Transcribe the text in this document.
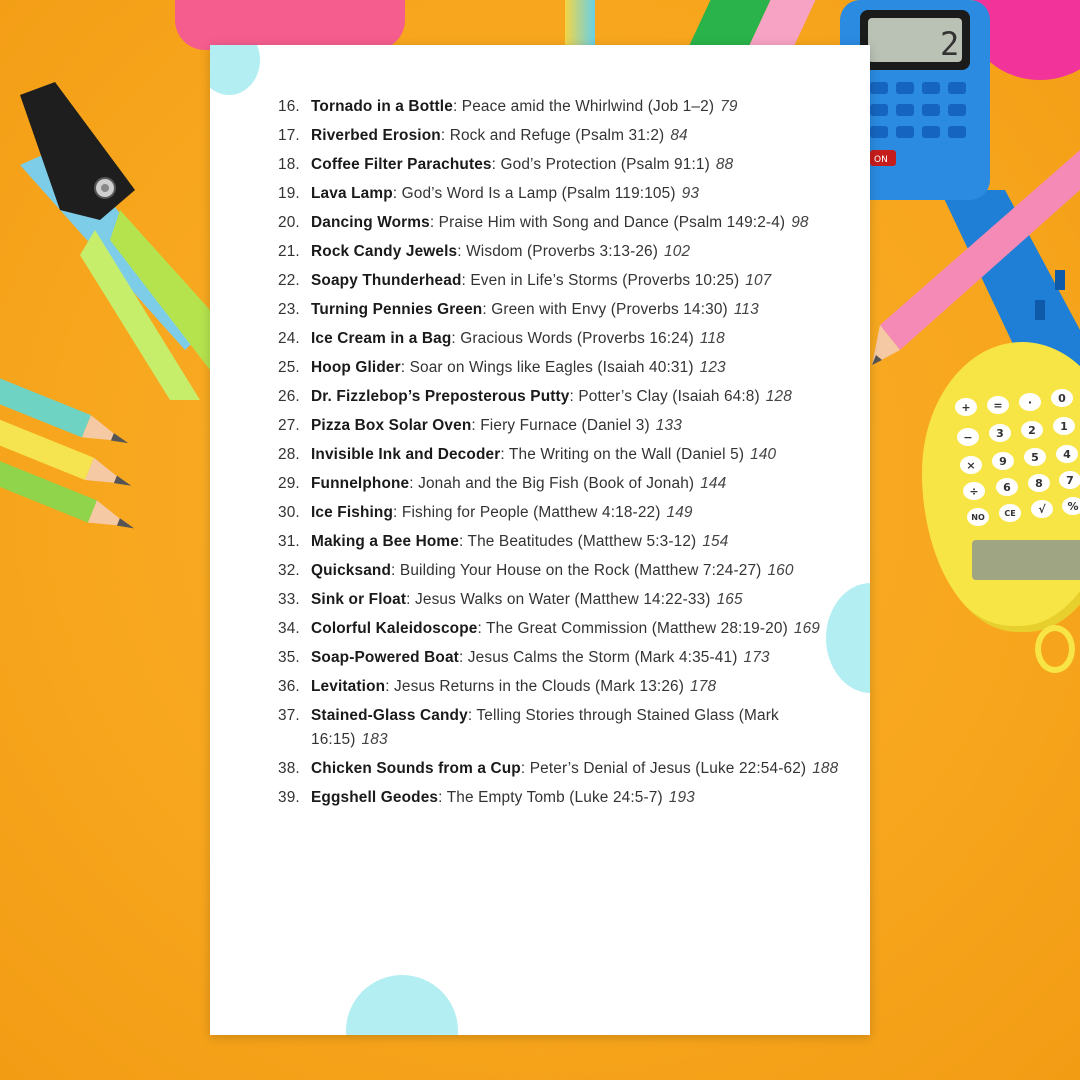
2
ON
+ = · 0
− 3 2 1
× 9 5 4
÷ 6 8 7
NO CE √ %
16. Tornado in a Bottle: Peace amid the Whirlwind (Job 1–2) 79
17. Riverbed Erosion: Rock and Refuge (Psalm 31:2) 84
18. Coffee Filter Parachutes: God’s Protection (Psalm 91:1) 88
19. Lava Lamp: God’s Word Is a Lamp (Psalm 119:105) 93
20. Dancing Worms: Praise Him with Song and Dance (Psalm 149:2-4) 98
21. Rock Candy Jewels: Wisdom (Proverbs 3:13-26) 102
22. Soapy Thunderhead: Even in Life’s Storms (Proverbs 10:25) 107
23. Turning Pennies Green: Green with Envy (Proverbs 14:30) 113
24. Ice Cream in a Bag: Gracious Words (Proverbs 16:24) 118
25. Hoop Glider: Soar on Wings like Eagles (Isaiah 40:31) 123
26. Dr. Fizzlebop’s Preposterous Putty: Potter’s Clay (Isaiah 64:8) 128
27. Pizza Box Solar Oven: Fiery Furnace (Daniel 3) 133
28. Invisible Ink and Decoder: The Writing on the Wall (Daniel 5) 140
29. Funnelphone: Jonah and the Big Fish (Book of Jonah) 144
30. Ice Fishing: Fishing for People (Matthew 4:18-22) 149
31. Making a Bee Home: The Beatitudes (Matthew 5:3-12) 154
32. Quicksand: Building Your House on the Rock (Matthew 7:24-27) 160
33. Sink or Float: Jesus Walks on Water (Matthew 14:22-33) 165
34. Colorful Kaleidoscope: The Great Commission (Matthew 28:19-20) 169
35. Soap-Powered Boat: Jesus Calms the Storm (Mark 4:35-41) 173
36. Levitation: Jesus Returns in the Clouds (Mark 13:26) 178
37. Stained-Glass Candy: Telling Stories through Stained Glass (Mark 16:15) 183
38. Chicken Sounds from a Cup: Peter’s Denial of Jesus (Luke 22:54-62) 188
39. Eggshell Geodes: The Empty Tomb (Luke 24:5-7) 193
